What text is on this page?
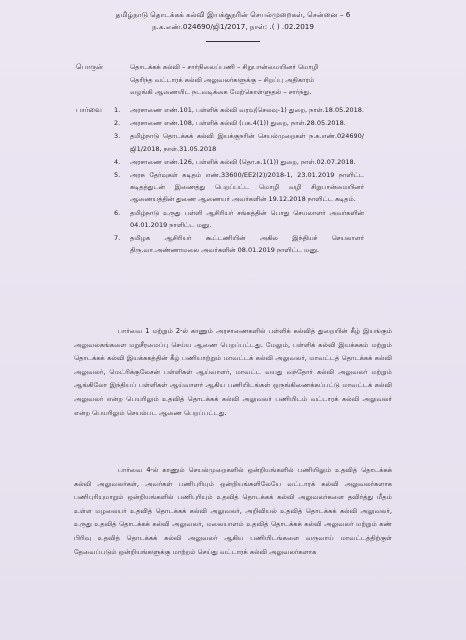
தமிழ்நாடு தொடக்கக் கல்வி இயக்குநரின் செயல்முறைகள், சென்னை – 6
ந.க.எண்.024690/ஜி1/2017, நாள்: .( ) .02.2019
பொருள்	தொடக்கக் கல்வி – சார்நிலைப்பணி – சிறுபான்மையினர் மொழி தெரிந்த வட்டாரக் கல்வி அலுவலர்களுக்கு – சிறப்பு அதிகாரம் வழங்கி ஆணையிட நடவடிக்கை மேற்கொள்ளுதல் – சார்ந்து.
பார்வை 1.	அரசாணை எண்.101, பள்ளிக் கல்வி வரவு(செலவு-1) துறை, நாள்.18.05.2018.
2.	அரசாணை எண்.108, பள்ளிக் கல்வி (பக.4(1)) துறை, நாள்.28.05.2018.
3.	தமிழ்நாடு தொடக்கக் கல்வி இயக்குநரின் செயல்முறைகள் ந.க.எண்.024690/ஜி1/2018, நாள்.31.05.2018
4.	அரசாணை எண்.126, பள்ளிக் கல்வி (தொ.க.1(1)) துறை, நாள்.02.07.2018.
5.	அரசு தேர்வுகள் கடிதம் எண்.33600/EE2(2)/2018-1, 23.01.2019 நாளிட்ட கடிதத்துடன் இணைத்து பெறப்பட்ட மொழி வழி சிறுபான்மையினர் ஆணையத்தின் துணை ஆணையர் அவர்களின் 19.12.2018 நாளிட்ட கடிதம்.
6.	தமிழ்நாடு உருது பள்ளி ஆசிரியர் சங்கத்தின் பொது செயலாளர் அவர்களின் 04.01.2019 நாளிட்ட மனு.
7.	தமிழக ஆசிரியர் கூட்டணியின் அகில இந்தியச் செயலாளர் திரு.வா.அண்ணாமலை அவர்களின் 08.01.2019 நாளிட்ட மனு.
பார்வை 1 மற்றும் 2-ல் காணும் அரசாணைகளில் பள்ளிக் கல்வித் துறையின் கீழ் இயங்கும் அலுவலகங்களை மறுசீரமைப்பு செய்ய ஆணை பெறப்பட்டது. மேலும், பள்ளிக் கல்வி இயக்ககம் மற்றும் தொடக்கக் கல்வி இயக்ககத்தின் கீழ் பணியாற்றும் மாவட்டக் கல்வி அலுவலர், மாவட்டத் தொடக்கக் கல்வி அலுவலர், மெட்ரிக்குலேசன் பள்ளிகள் ஆய்வாளர், மாவட்ட வயது வந்தோர் கல்வி அலுவலர் மற்றும் ஆங்கிலோ இந்தியப் பள்ளிகள் ஆய்வாளர் ஆகிய பணியிடங்கள் ஒருங்கிணைக்கப்பட்டு மாவட்டக் கல்வி அலுவலர் என்ற பெயரிலும் உதவித் தொடக்கக் கல்வி அலுவலர் பணியிடம் வட்டாரக் கல்வி அலுவலர் என்ற பெயரிலும் செயல்பட ஆணை பெறப்பட்டது.
பார்வை 4-ல் காணும் செயல்முறைகளில் ஒன்றியங்களில் பணியிலும் உதவித் தொடக்கக் கல்வி அலுவலர்கள், அவர்கள் பணிபுரியும் ஒன்றியங்களிலேயே வட்டாரக் கல்வி அலுவலர்களாக பணிபுரியுமாறும் ஒன்றியங்களில் பணிபுரியும் உதவித் தொடக்கக் கல்வி அலுவலர்களை தவிர்த்து மீதம் உள்ள மழலையர் உதவித் தொடக்கக் கல்வி அலுவலர், அறிவியல் உதவித் தொடக்கக் கல்வி அலுவலர், உருது உதவித் தொடக்கக் கல்வி அலுவலர், மலையாளம் உதவித் தொடக்கக் கல்வி அலுவலர் மற்றும் கண் பிரிவு உதவித் தொடக்கக் கல்வி அலுவலர் ஆகிய பணியிடங்களை வருவாய் மாவட்டத்திற்குள் தேவைப்படும் ஒன்றியங்களுக்கு மாற்றம் செய்து வட்டாரக் கல்வி அலுவலர்களாக
